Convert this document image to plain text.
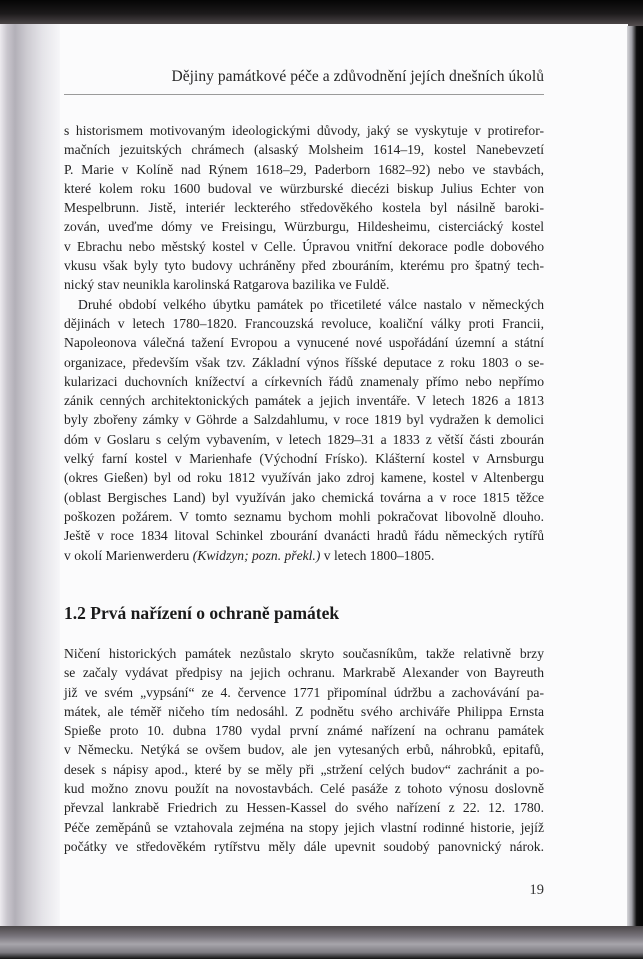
Dějiny památkové péče a zdůvodnění jejích dnešních úkolů

s historismem motivovaným ideologickými důvody, jaký se vyskytuje v protirefor-
mačních jezuitských chrámech (alsaský Molsheim 1614–19, kostel Nanebevzetí
P. Marie v Kolíně nad Rýnem 1618–29, Paderborn 1682–92) nebo ve stavbách,
které kolem roku 1600 budoval ve würzburské diecézi biskup Julius Echter von
Mespelbrunn. Jistě, interiér leckterého středověkého kostela byl násilně baroki-
zován, uveďme dómy ve Freisingu, Würzburgu, Hildesheimu, cisterciácký kostel
v Ebrachu nebo městský kostel v Celle. Úpravou vnitřní dekorace podle dobového
vkusu však byly tyto budovy uchráněny před zbouráním, kterému pro špatný tech-
nický stav neunikla karolinská Ratgarova bazilika ve Fuldě.

Druhé období velkého úbytku památek po třicetileté válce nastalo v německých
dějinách v letech 1780–1820. Francouzská revoluce, koaliční války proti Francii,
Napoleonova válečná tažení Evropou a vynucené nové uspořádání územní a státní
organizace, především však tzv. Základní výnos říšské deputace z roku 1803 o se-
kularizaci duchovních knížectví a církevních řádů znamenaly přímo nebo nepřímo
zánik cenných architektonických památek a jejich inventáře. V letech 1826 a 1813
byly zbořeny zámky v Göhrde a Salzdahlumu, v roce 1819 byl vydražen k demolici
dóm v Goslaru s celým vybavením, v letech 1829–31 a 1833 z větší části zbourán
velký farní kostel v Marienhafe (Východní Frísko). Klášterní kostel v Arnsburgu
(okres Gießen) byl od roku 1812 využíván jako zdroj kamene, kostel v Altenbergu
(oblast Bergisches Land) byl využíván jako chemická továrna a v roce 1815 těžce
poškozen požárem. V tomto seznamu bychom mohli pokračovat libovolně dlouho.
Ještě v roce 1834 litoval Schinkel zbourání dvanácti hradů řádu německých rytířů
v okolí Marienwerderu (Kwidzyn; pozn. překl.) v letech 1800–1805.

1.2 Prvá nařízení o ochraně památek

Ničení historických památek nezůstalo skryto současníkům, takže relativně brzy
se začaly vydávat předpisy na jejich ochranu. Markrabě Alexander von Bayreuth
již ve svém „vypsání“ ze 4. července 1771 připomínal údržbu a zachovávání pa-
mátek, ale téměř ničeho tím nedosáhl. Z podnětu svého archiváře Philippa Ernsta
Spieße proto 10. dubna 1780 vydal první známé nařízení na ochranu památek
v Německu. Netýká se ovšem budov, ale jen vytesaných erbů, náhrobků, epitafů,
desek s nápisy apod., které by se měly při „stržení celých budov“ zachránit a po-
kud možno znovu použít na novostavbách. Celé pasáže z tohoto výnosu doslovně
převzal lankrabě Friedrich zu Hessen-Kassel do svého nařízení z 22. 12. 1780.
Péče zeměpánů se vztahovala zejména na stopy jejich vlastní rodinné historie, jejíž
počátky ve středověkém rytířstvu měly dále upevnit soudobý panovnický nárok.

19
